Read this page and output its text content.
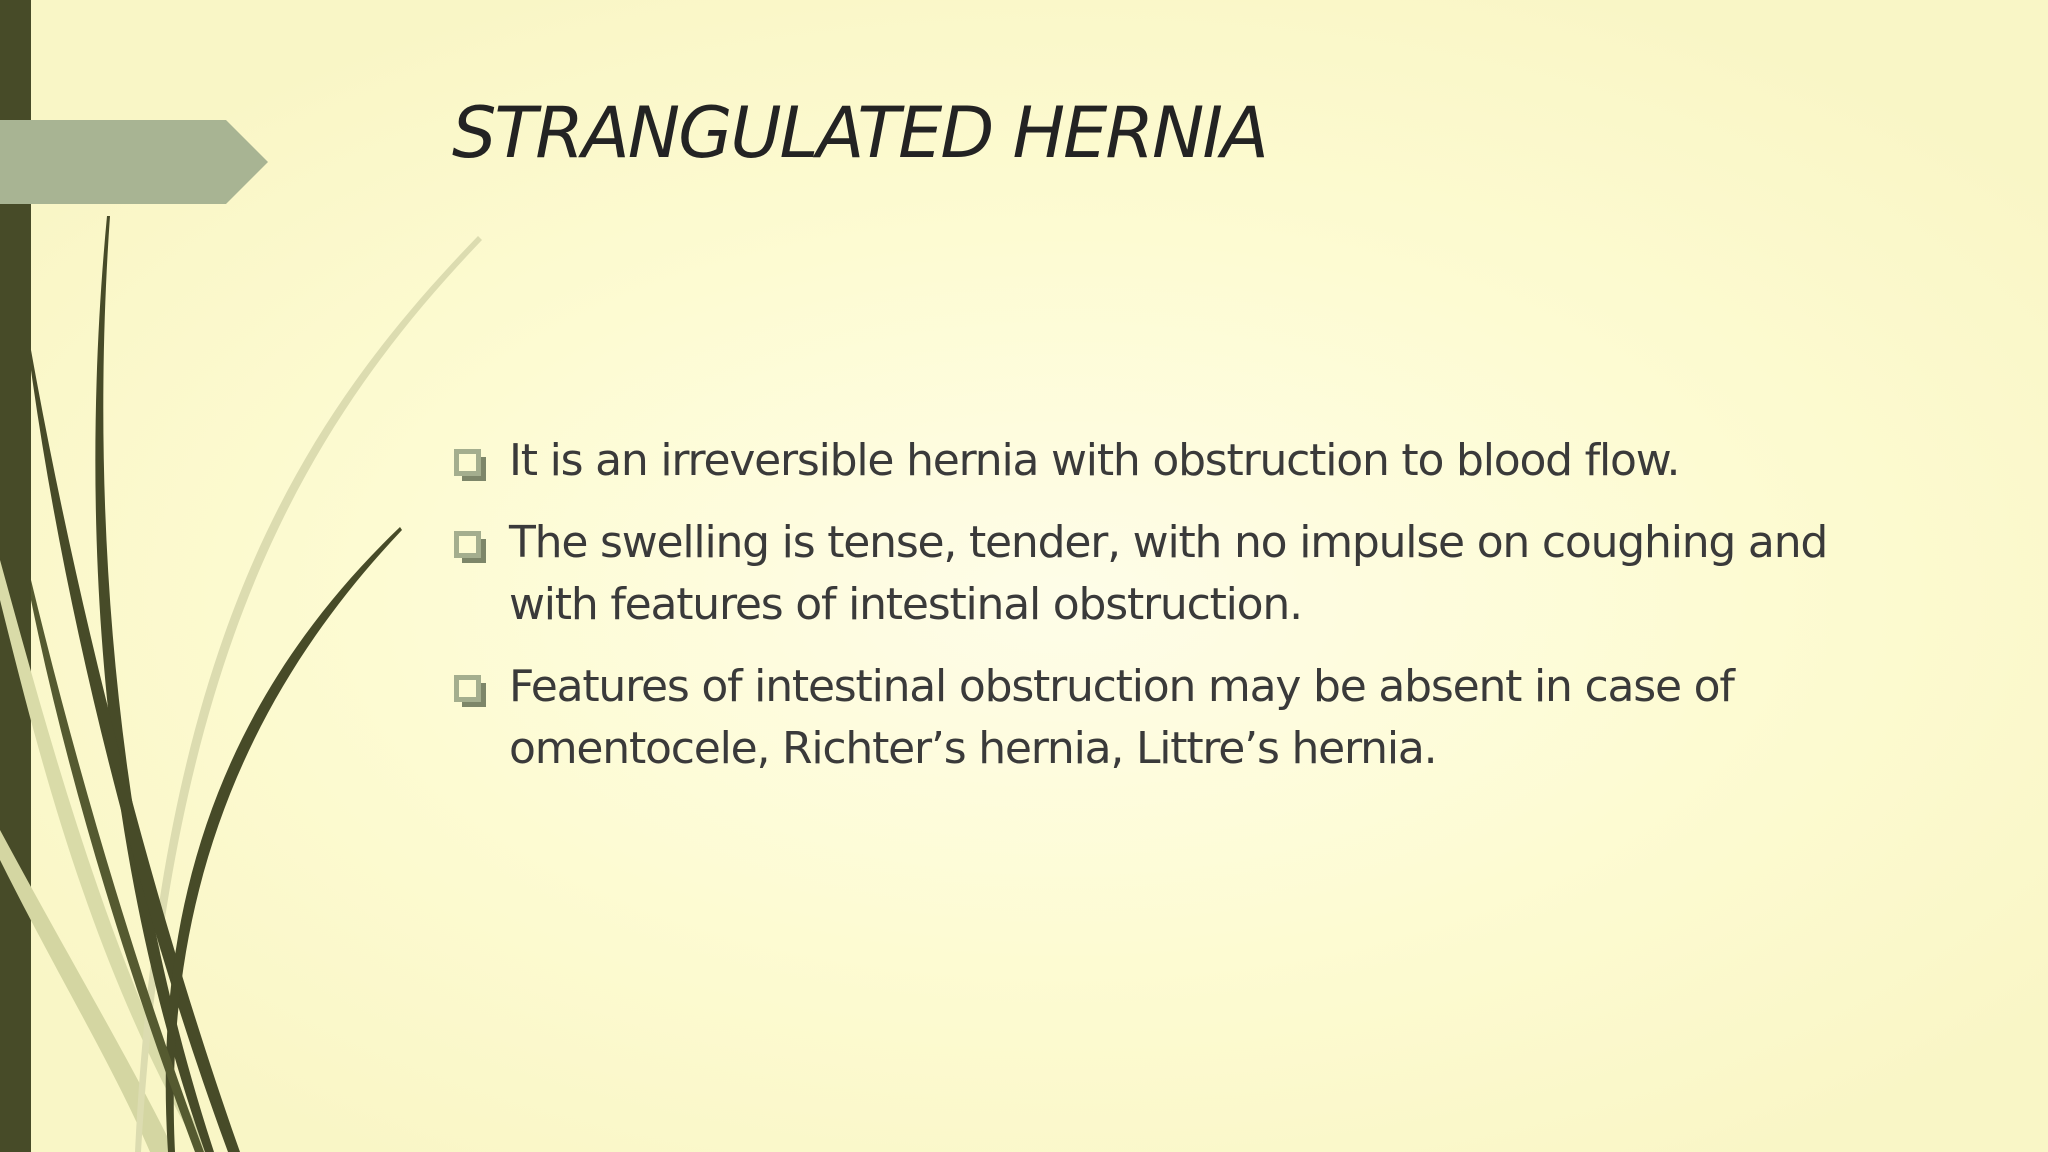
STRANGULATED HERNIA
It is an irreversible hernia with obstruction to blood flow.
The swelling is tense, tender, with no impulse on coughing and with features of intestinal obstruction.
Features of intestinal obstruction may be absent in case of omentocele, Richter’s hernia, Littre’s hernia.
